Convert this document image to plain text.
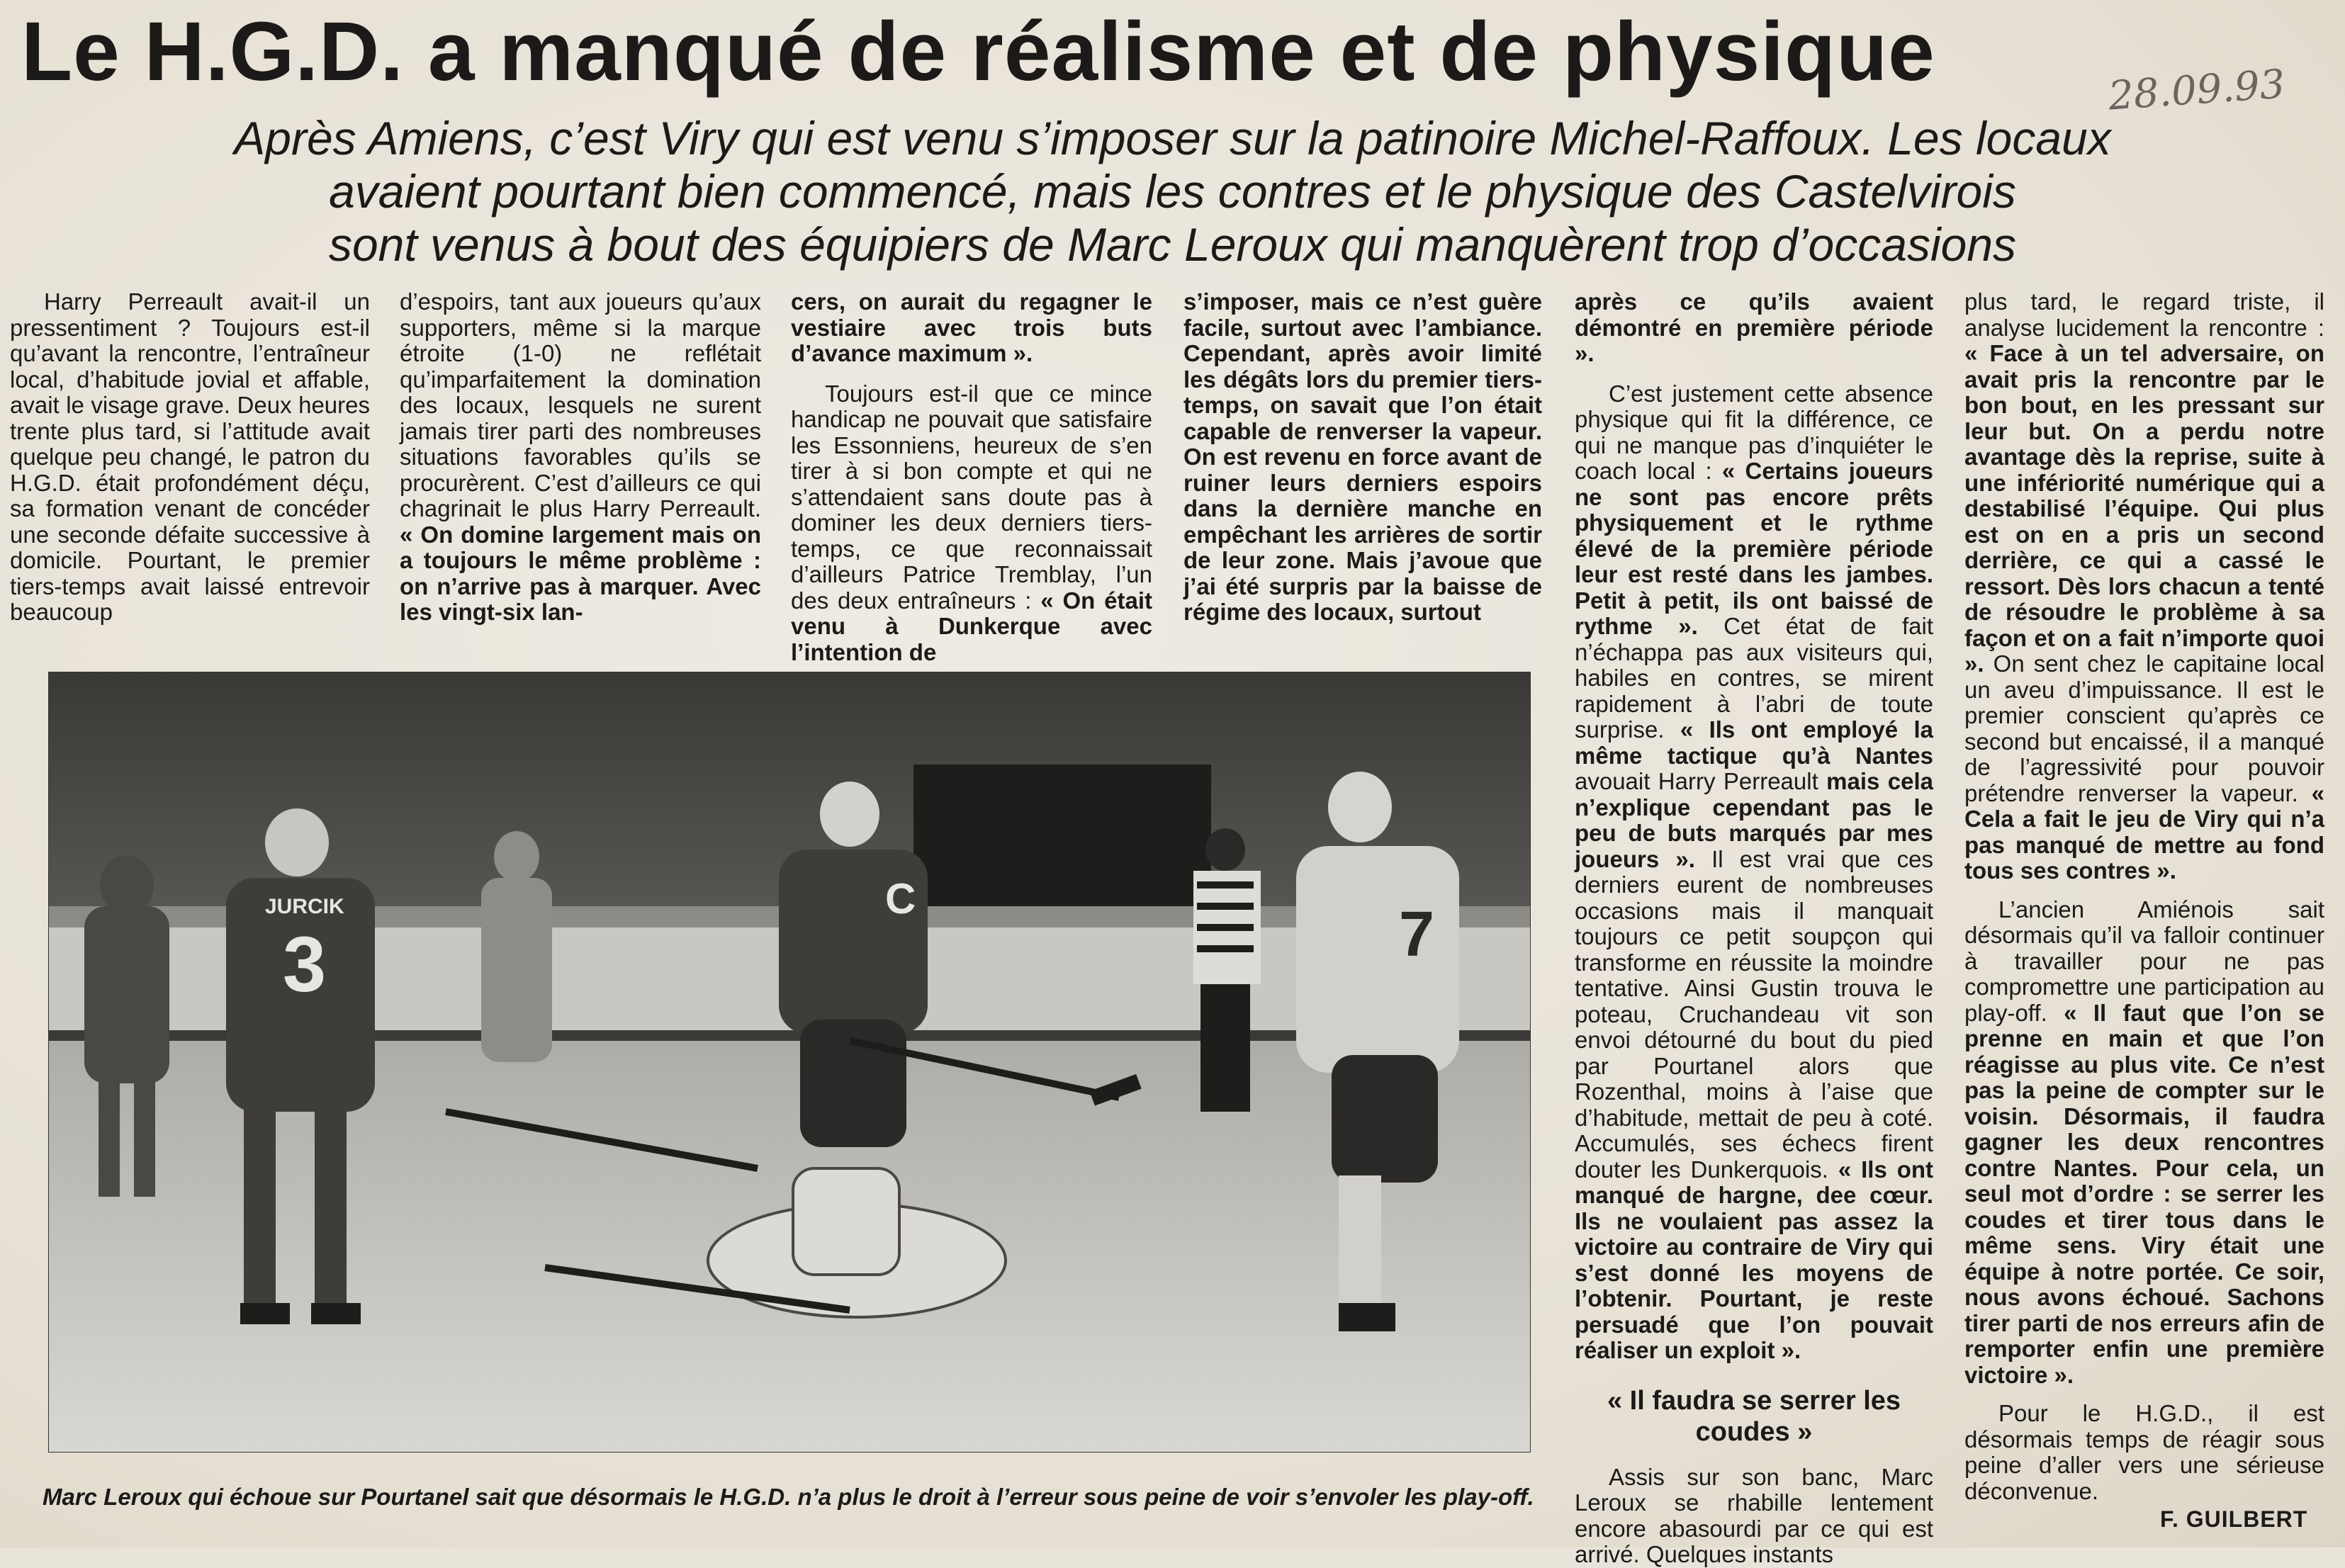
Le H.G.D. a manqué de réalisme et de physique	28.09.93
Après Amiens, c’est Viry qui est venu s’imposer sur la patinoire Michel-Raffoux. Les locaux
avaient pourtant bien commencé, mais les contres et le physique des Castelvirois
sont venus à bout des équipiers de Marc Leroux qui manquèrent trop d’occasions

Harry Perreault avait-il un pressentiment ? Toujours est-il qu’avant la rencontre, l’entraîneur local, d’habitude jovial et affable, avait le visage grave. Deux heures trente plus tard, si l’attitude avait quelque peu changé, le patron du H.G.D. était profondément déçu, sa formation venant de concéder une seconde défaite successive à domicile. Pourtant, le premier tiers-temps avait laissé entrevoir beaucoup

d’espoirs, tant aux joueurs qu’aux supporters, même si la marque étroite (1-0) ne reflétait qu’imparfaitement la domination des locaux, lesquels ne surent jamais tirer parti des nombreuses situations favorables qu’ils se procurèrent. C’est d’ailleurs ce qui chagrinait le plus Harry Perreault. « On domine largement mais on a toujours le même problème : on n’arrive pas à marquer. Avec les vingt-six lan-

cers, on aurait du regagner le vestiaire avec trois buts d’avance maximum ».

Toujours est-il que ce mince handicap ne pouvait que satisfaire les Essonniens, heureux de s’en tirer à si bon compte et qui ne s’attendaient sans doute pas à dominer les deux derniers tiers-temps, ce que reconnaissait d’ailleurs Patrice Tremblay, l’un des deux entraîneurs : « On était venu à Dunkerque avec l’intention de

s’imposer, mais ce n’est guère facile, surtout avec l’ambiance. Cependant, après avoir limité les dégâts lors du premier tiers-temps, on savait que l’on était capable de renverser la vapeur. On est revenu en force avant de ruiner leurs derniers espoirs dans la dernière manche en empêchant les arrières de sortir de leur zone. Mais j’avoue que j’ai été surpris par la baisse de régime des locaux, surtout

après ce qu’ils avaient démontré en première période ».

C’est justement cette absence physique qui fit la différence, ce qui ne manque pas d’inquiéter le coach local : « Certains joueurs ne sont pas encore prêts physiquement et le rythme élevé de la première période leur est resté dans les jambes. Petit à petit, ils ont baissé de rythme ». Cet état de fait n’échappa pas aux visiteurs qui, habiles en contres, se mirent rapidement à l’abri de toute surprise. « Ils ont employé la même tactique qu’à Nantes avouait Harry Perreault mais cela n’explique cependant pas le peu de buts marqués par mes joueurs ». Il est vrai que ces derniers eurent de nombreuses occasions mais il manquait toujours ce petit soupçon qui transforme en réussite la moindre tentative. Ainsi Gustin trouva le poteau, Cruchandeau vit son envoi détourné du bout du pied par Pourtanel alors que Rozenthal, moins à l’aise que d’habitude, mettait de peu à coté. Accumulés, ses échecs firent douter les Dunkerquois. « Ils ont manqué de hargne, dee cœur. Ils ne voulaient pas assez la victoire au contraire de Viry qui s’est donné les moyens de l’obtenir. Pourtant, je reste persuadé que l’on pouvait réaliser un exploit ».

« Il faudra se serrer les coudes »

Assis sur son banc, Marc Leroux se rhabille lentement encore abasourdi par ce qui est arrivé. Quelques instants

plus tard, le regard triste, il analyse lucidement la rencontre : « Face à un tel adversaire, on avait pris la rencontre par le bon bout, en les pressant sur leur but. On a perdu notre avantage dès la reprise, suite à une infériorité numérique qui a destabilisé l’équipe. Qui plus est on en a pris un second derrière, ce qui a cassé le ressort. Dès lors chacun a tenté de résoudre le problème à sa façon et on a fait n’importe quoi ». On sent chez le capitaine local un aveu d’impuissance. Il est le premier conscient qu’après ce second but encaissé, il a manqué de l’agressivité pour pouvoir prétendre renverser la vapeur. « Cela a fait le jeu de Viry qui n’a pas manqué de mettre au fond tous ses contres ».

L’ancien Amiénois sait désormais qu’il va falloir continuer à travailler pour ne pas compromettre une participation au play-off. « Il faut que l’on se prenne en main et que l’on réagisse au plus vite. Ce n’est pas la peine de compter sur le voisin. Désormais, il faudra gagner les deux rencontres contre Nantes. Pour cela, un seul mot d’ordre : se serrer les coudes et tirer tous dans le même sens. Viry était une équipe à notre portée. Ce soir, nous avons échoué. Sachons tirer parti de nos erreurs afin de remporter enfin une première victoire ».

Pour le H.G.D., il est désormais temps de réagir sous peine d’aller vers une sérieuse déconvenue.

JURCIK
3
C
7
Marc Leroux qui échoue sur Pourtanel sait que désormais le H.G.D. n’a plus le droit à l’erreur sous peine de voir s’envoler les play-off.
F. GUILBERT
